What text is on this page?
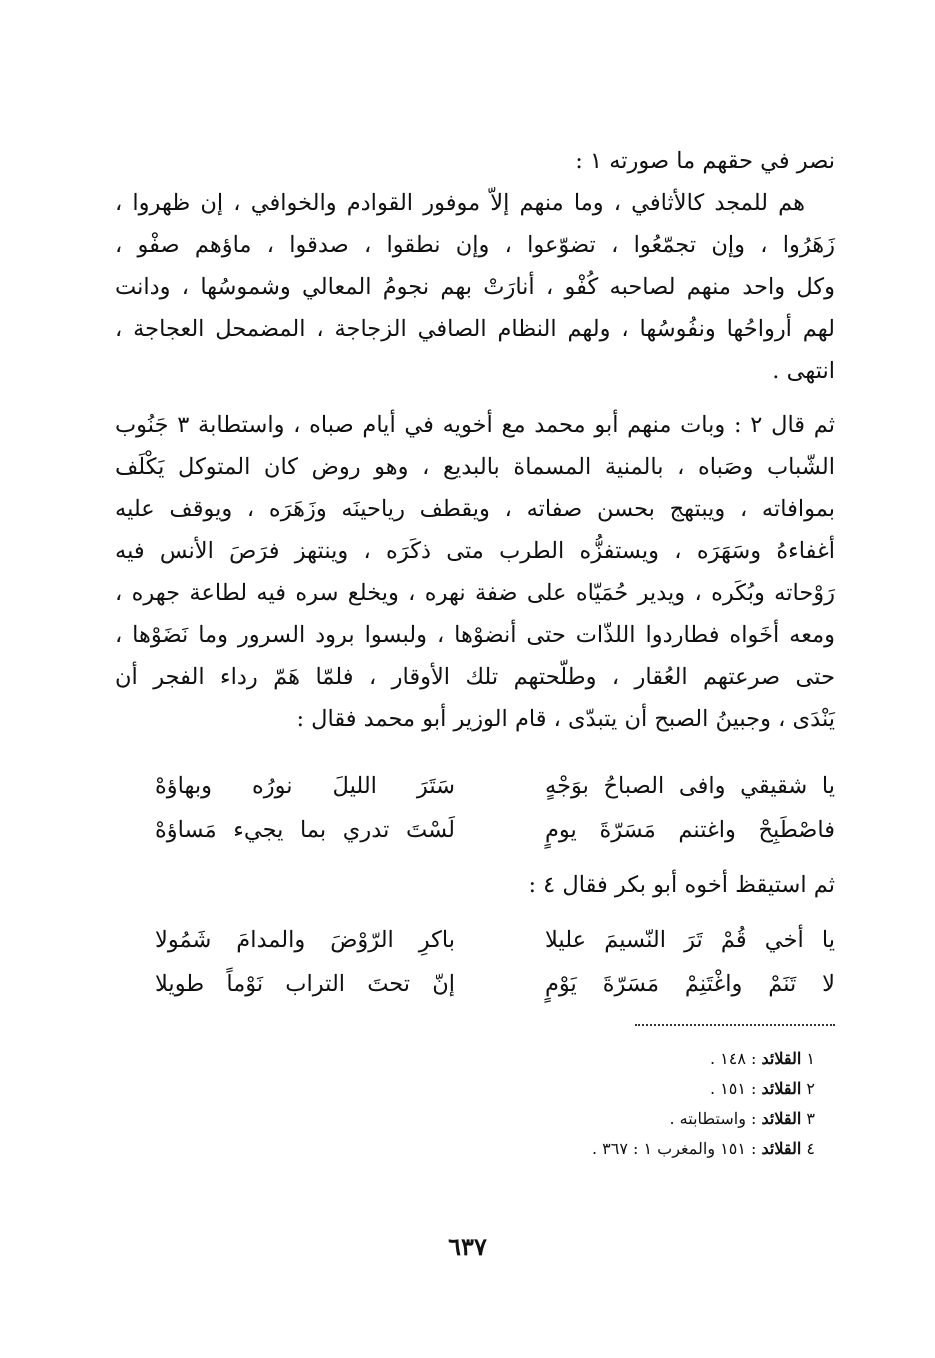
نصر في حقهم ما صورته ١ :
هم للمجد كالأثافي ، وما منهم إلاّ موفور القوادم والخوافي ، إن ظهروا ،
زَهَرُوا ، وإن تجمّعُوا ، تضوّعوا ، وإن نطقوا ، صدقوا ، ماؤهم صفْو ،
وكل واحد منهم لصاحبه كُفْو ، أنارَتْ بهم نجومُ المعالي وشموسُها ، ودانت
لهم أرواحُها ونفُوسُها ، ولهم النظام الصافي الزجاجة ، المضمحل العجاجة ،
انتهى .
ثم قال ٢ : وبات منهم أبو محمد مع أخويه في أيام صباه ، واستطابة ٣ جَنُوب
الشّباب وصَباه ، بالمنية المسماة بالبديع ، وهو روض كان المتوكل يَكْلَف
بموافاته ، ويبتهج بحسن صفاته ، ويقطف رياحينَه وزَهَرَه ، ويوقف عليه
أغفاءهُ وسَهَرَه ، ويستفزُّه الطرب متى ذكَرَه ، وينتهز فرَصَ الأنس فيه
رَوْحاته وبُكَره ، ويدير حُمَيّاه على ضفة نهره ، ويخلع سره فيه لطاعة جهره ،
ومعه أخَواه فطاردوا اللذّات حتى أنضوْها ، ولبسوا برود السرور وما نَضَوْها ،
حتى صرعتهم العُقار ، وطلّحتهم تلك الأوقار ، فلمّا هَمّ رداء الفجر أن
يَنْدَى ، وجبينُ الصبح أن يتبدّى ، قام الوزير أبو محمد فقال :
يا شقيقي وافى الصباحُ بوَجْهٍ
سَتَرَ الليلَ نورُه وبهاؤهْ
فاصْطَبِحْ واغتنم مَسَرّةَ يومٍ
لَسْتَ تدري بما يجيء مَساؤهْ
ثم استيقظ أخوه أبو بكر فقال ٤ :
يا أخي قُمْ تَرَ النّسيمَ عليلا
باكرِ الرّوْضَ والمدامَ شَمُولا
لا تَنَمْ واغْتَنِمْ مَسَرّةَ يَوْمٍ
إنّ تحتَ التراب نَوْماً طويلا
١ القلائد : ١٤٨ .
٢ القلائد : ١٥١ .
٣ القلائد : واستطابته .
٤ القلائد : ١٥١ والمغرب ١ : ٣٦٧ .
٦٣٧
